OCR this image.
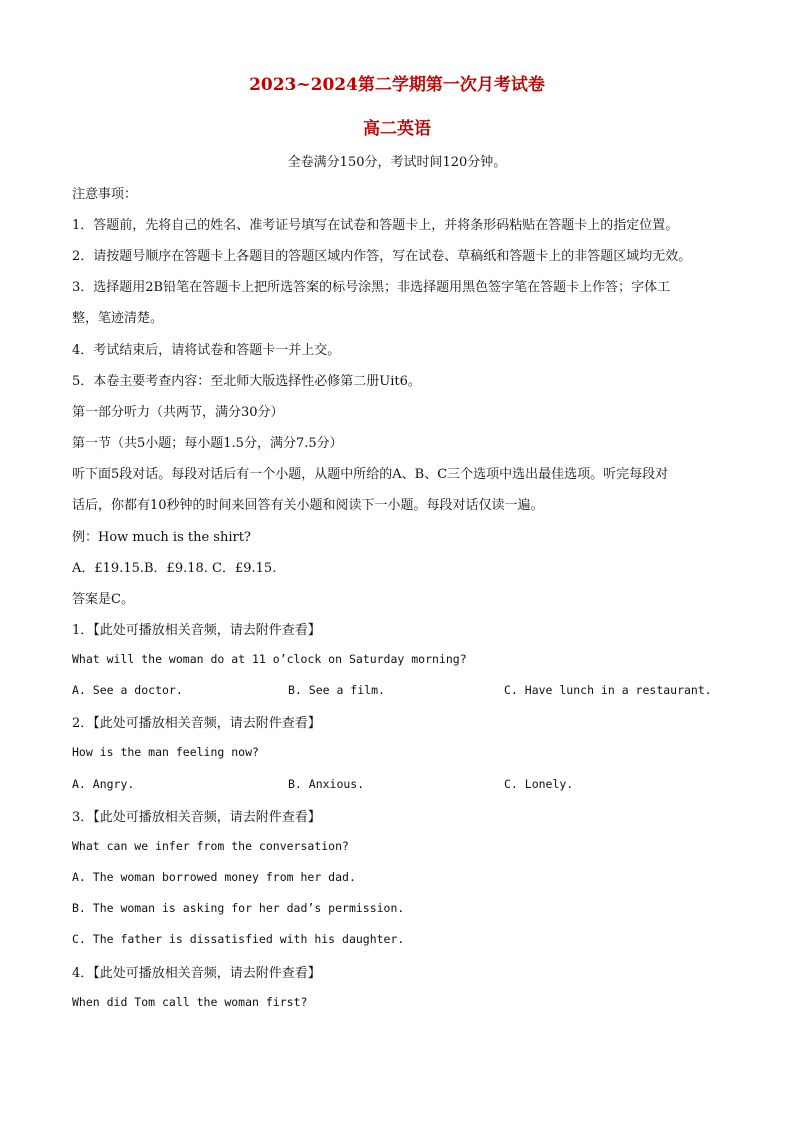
2023~2024第二学期第一次月考试卷
高二英语
全卷满分150分，考试时间120分钟。
注意事项：
1．答题前，先将自己的姓名、准考证号填写在试卷和答题卡上，并将条形码粘贴在答题卡上的指定位置。
2．请按题号顺序在答题卡上各题目的答题区域内作答，写在试卷、草稿纸和答题卡上的非答题区域均无效。
3．选择题用2B铅笔在答题卡上把所选答案的标号涂黑；非选择题用黑色签字笔在答题卡上作答；字体工
整，笔迹清楚。
4．考试结束后，请将试卷和答题卡一并上交。
5．本卷主要考查内容：至北师大版选择性必修第二册Uit6。
第一部分听力（共两节，满分30分）
第一节（共5小题；每小题1.5分，满分7.5分）
听下面5段对话。每段对话后有一个小题，从题中所给的A、B、C三个选项中选出最佳选项。听完每段对
话后，你都有10秒钟的时间来回答有关小题和阅读下一小题。每段对话仅读一遍。
例：How much is the shirt?
A．£19.15.B．£9.18. C．£9.15.
答案是C。
1．【此处可播放相关音频，请去附件查看】
What will the woman do at 11 o’clock on Saturday morning?
A. See a doctor.	B. See a film.	C. Have lunch in a restaurant.
2．【此处可播放相关音频，请去附件查看】
How is the man feeling now?
A. Angry.	B. Anxious.	C. Lonely.
3．【此处可播放相关音频，请去附件查看】
What can we infer from the conversation?
A. The woman borrowed money from her dad.
B. The woman is asking for her dad’s permission.
C. The father is dissatisfied with his daughter.
4．【此处可播放相关音频，请去附件查看】
When did Tom call the woman first?
